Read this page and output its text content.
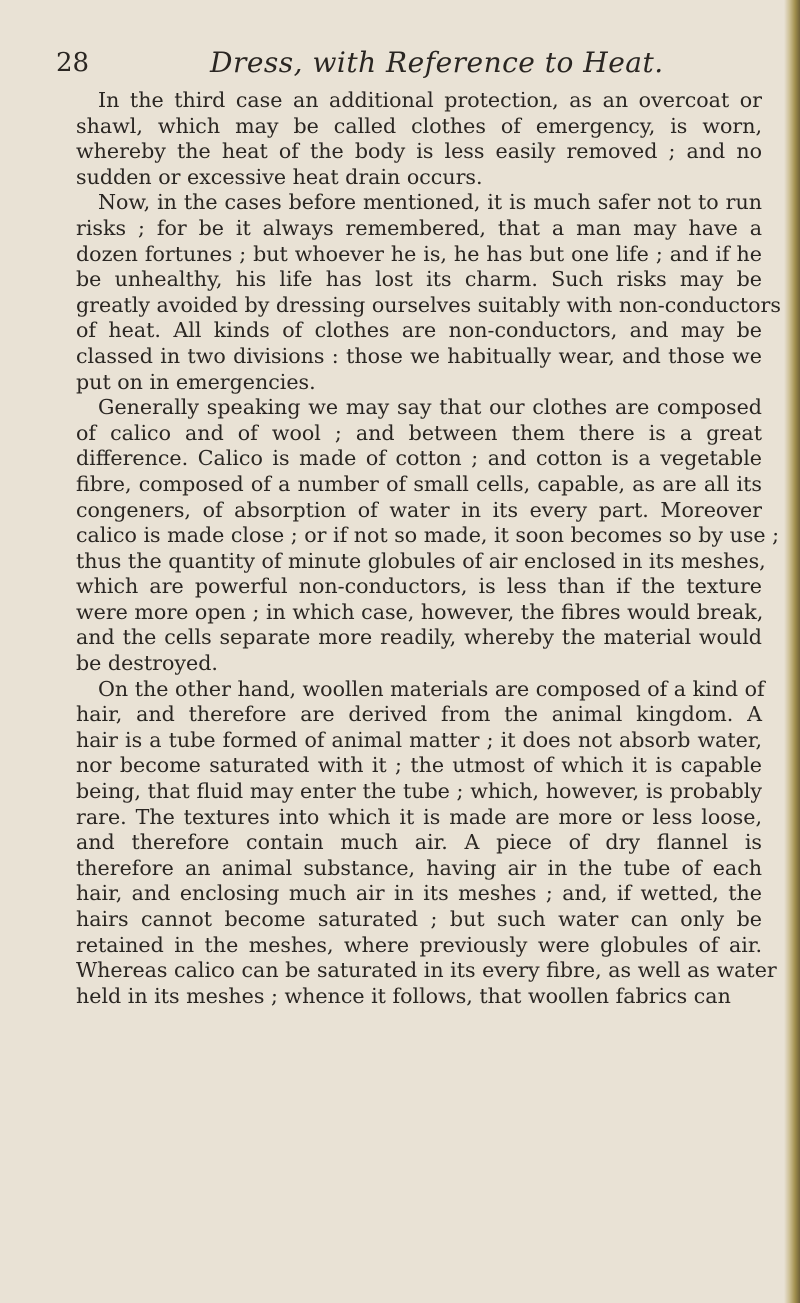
28	Dress, with Reference to Heat.
In the third case an additional protection, as an overcoat or
shawl, which may be called clothes of emergency, is worn,
whereby the heat of the body is less easily removed ; and no
sudden or excessive heat drain occurs.
Now, in the cases before mentioned, it is much safer not to run
risks ; for be it always remembered, that a man may have a
dozen fortunes ; but whoever he is, he has but one life ; and if he
be unhealthy, his life has lost its charm. Such risks may be
greatly avoided by dressing ourselves suitably with non-conductors
of heat. All kinds of clothes are non-conductors, and may be
classed in two divisions : those we habitually wear, and those we
put on in emergencies.
Generally speaking we may say that our clothes are composed
of calico and of wool ; and between them there is a great
difference. Calico is made of cotton ; and cotton is a vegetable
fibre, composed of a number of small cells, capable, as are all its
congeners, of absorption of water in its every part. Moreover
calico is made close ; or if not so made, it soon becomes so by use ;
thus the quantity of minute globules of air enclosed in its meshes,
which are powerful non-conductors, is less than if the texture
were more open ; in which case, however, the fibres would break,
and the cells separate more readily, whereby the material would
be destroyed.
On the other hand, woollen materials are composed of a kind of
hair, and therefore are derived from the animal kingdom. A
hair is a tube formed of animal matter ; it does not absorb water,
nor become saturated with it ; the utmost of which it is capable
being, that fluid may enter the tube ; which, however, is probably
rare. The textures into which it is made are more or less loose,
and therefore contain much air. A piece of dry flannel is
therefore an animal substance, having air in the tube of each
hair, and enclosing much air in its meshes ; and, if wetted, the
hairs cannot become saturated ; but such water can only be
retained in the meshes, where previously were globules of air.
Whereas calico can be saturated in its every fibre, as well as water
held in its meshes ; whence it follows, that woollen fabrics can
